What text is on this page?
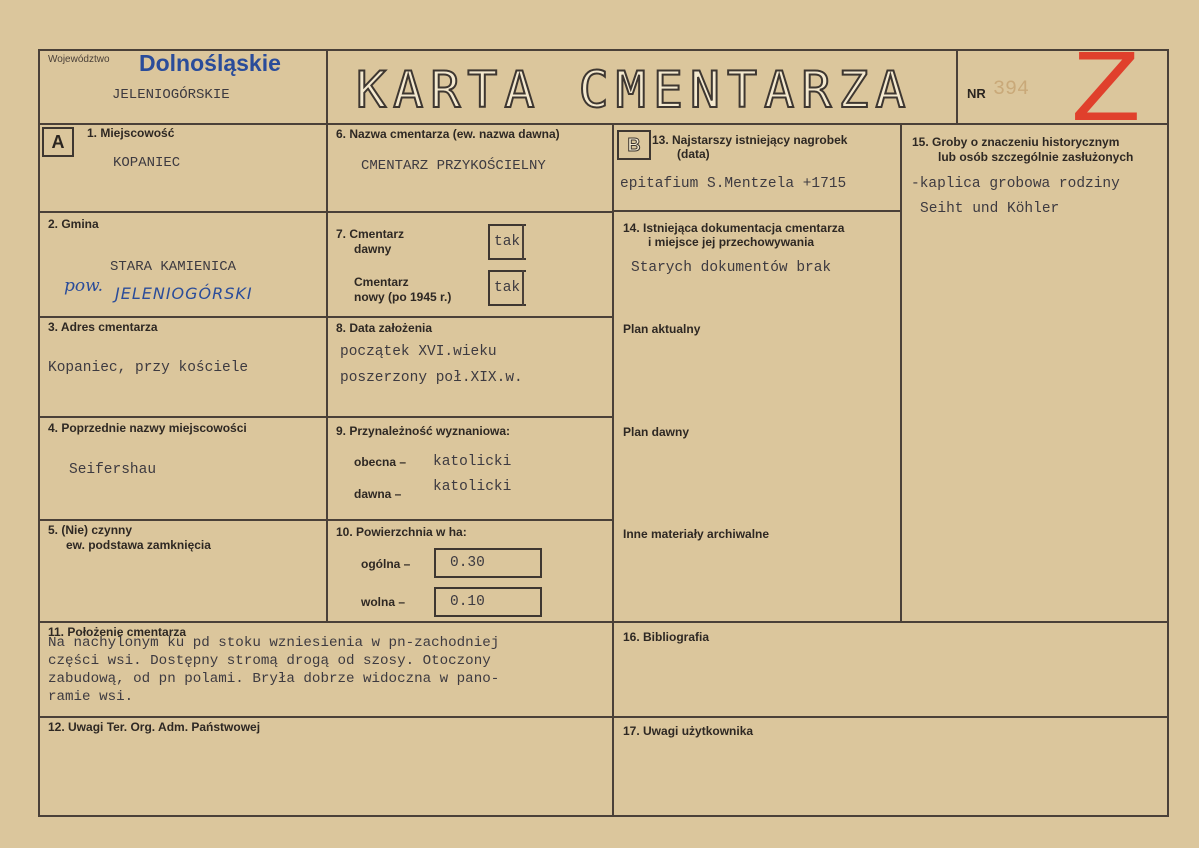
Województwo Dolnośląskie
JELENIOGÓRSKIE	KARTA CMENTARZA	NR 394 Z
A	B
1. Miejscowość
KOPANIEC
2. Gmina
STARA KAMIENICA
pow. JELENIOGÓRSKI
3. Adres cmentarza
Kopaniec, przy kościele
4. Poprzednie nazwy miejscowości
Seifershau
5. (Nie) czynny
ew. podstawa zamknięcia
6. Nazwa cmentarza (ew. nazwa dawna)
CMENTARZ PRZYKOŚCIELNY
7. Cmentarz
dawny	tak
Cmentarz
nowy (po 1945 r.)
tak
8. Data założenia
początek XVI.wieku
poszerzony poł.XIX.w.
9. Przynależność wyznaniowa:
obecna – katolicki
dawna – katolicki
10. Powierzchnia w ha:
ogólna –	0.30
wolna –	0.10
11. Położenie cmentarza
Na nachylonym ku pd stoku wzniesienia w pn-zachodniej
części wsi. Dostępny stromą drogą od szosy. Otoczony
zabudową, od pn polami. Bryła dobrze widoczna w pano-
ramie wsi.
12. Uwagi Ter. Org. Adm. Państwowej
13. Najstarszy istniejący nagrobek
(data)
epitafium S.Mentzela +1715
14. Istniejąca dokumentacja cmentarza
i miejsce jej przechowywania
Starych dokumentów brak
Plan aktualny
Plan dawny
Inne materiały archiwalne
15. Groby o znaczeniu historycznym
lub osób szczególnie zasłużonych
-kaplica grobowa rodziny
Seiht und Köhler
16. Bibliografia
17. Uwagi użytkownika
